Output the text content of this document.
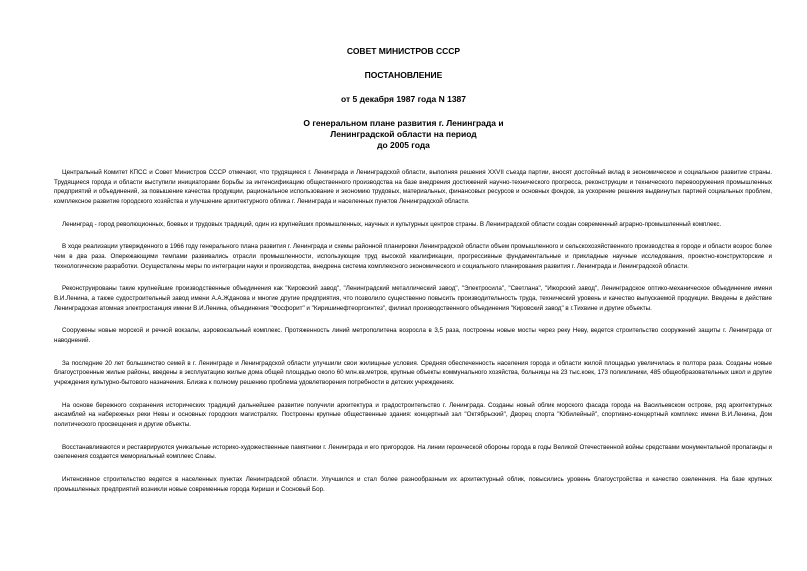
СОВЕТ МИНИСТРОВ СССР
ПОСТАНОВЛЕНИЕ
от 5 декабря 1987 года N 1387
О генеральном плане развития г. Ленинграда и
Ленинградской области на период
до 2005 года

Центральный Комитет КПСС и Совет Министров СССР отмечают, что трудящиеся г. Ленинграда и Ленинградской области, выполняя решения XXVII съезда партии, вносят достойный вклад в экономическое и социальное развитие страны. Трудящиеся города и области выступили инициаторами борьбы за интенсификацию общественного производства на базе внедрения достижений научно-технического прогресса, реконструкции и технического перевооружения промышленных предприятий и объединений, за повышение качества продукции, рациональное использование и экономию трудовых, материальных, финансовых ресурсов и основных фондов, за ускорение решения выдвинутых партией социальных проблем, комплексное развитие городского хозяйства и улучшение архитектурного облика г. Ленинграда и населенных пунктов Ленинградской области.

Ленинград - город революционных, боевых и трудовых традиций, один из крупнейших промышленных, научных и культурных центров страны. В Ленинградской области создан современный аграрно-промышленный комплекс.

В ходе реализации утвержденного в 1966 году генерального плана развития г. Ленинграда и схемы районной планировки Ленинградской области объем промышленного и сельскохозяйственного производства в городе и области возрос более чем в два раза. Опережающими темпами развивались отрасли промышленности, использующие труд высокой квалификации, прогрессивные фундаментальные и прикладные научные исследования, проектно-конструкторские и технологические разработки. Осуществлены меры по интеграции науки и производства, внедрена система комплексного экономического и социального планирования развития г. Ленинграда и Ленинградской области.

Реконструированы такие крупнейшие производственные объединения как "Кировский завод", "Ленинградский металлический завод", "Электросила", "Светлана", "Ижорский завод", Ленинградское оптико-механическое объединение имени В.И.Ленина, а также судостроительный завод имени А.А.Жданова и многие другие предприятия, что позволило существенно повысить производительность труда, технический уровень и качество выпускаемой продукции. Введены в действие Ленинградская атомная электростанция имени В.И.Ленина, объединения "Фосфорит" и "Киришинефтеоргсинтез", филиал производственного объединения "Кировский завод" в г.Тихвине и другие объекты.

Сооружены новые морской и речной вокзалы, аэровокзальный комплекс. Протяженность линий метрополитена возросла в 3,5 раза, построены новые мосты через реку Неву, ведется строительство сооружений защиты г. Ленинграда от наводнений.

За последние 20 лет большинство семей в г. Ленинграде и Ленинградской области улучшили свои жилищные условия. Средняя обеспеченность населения города и области жилой площадью увеличилась в полтора раза. Созданы новые благоустроенные жилые районы, введены в эксплуатацию жилые дома общей площадью около 60 млн.кв.метров, крупные объекты коммунального хозяйства, больницы на 23 тыс.коек, 173 поликлиники, 485 общеобразовательных школ и другие учреждения культурно-бытового назначения. Близка к полному решению проблема удовлетворения потребности в детских учреждениях.

На основе бережного сохранения исторических традиций дальнейшее развитие получили архитектура и градостроительство г. Ленинграда. Созданы новый облик морского фасада города на Васильевском острове, ряд архитектурных ансамблей на набережных реки Невы и основных городских магистралях. Построены крупные общественные здания: концертный зал "Октябрьский", Дворец спорта "Юбилейный", спортивно-концертный комплекс имени В.И.Ленина, Дом политического просвещения и другие объекты.

Восстанавливаются и реставрируются уникальные историко-художественные памятники г. Ленинграда и его пригородов. На линии героической обороны города в годы Великой Отечественной войны средствами монументальной пропаганды и озеленения создается мемориальный комплекс Славы.

Интенсивное строительство ведется в населенных пунктах Ленинградской области. Улучшился и стал более разнообразным их архитектурный облик, повысились уровень благоустройства и качество озеленения. На базе крупных промышленных предприятий возникли новые современные города Кириши и Сосновый Бор.
